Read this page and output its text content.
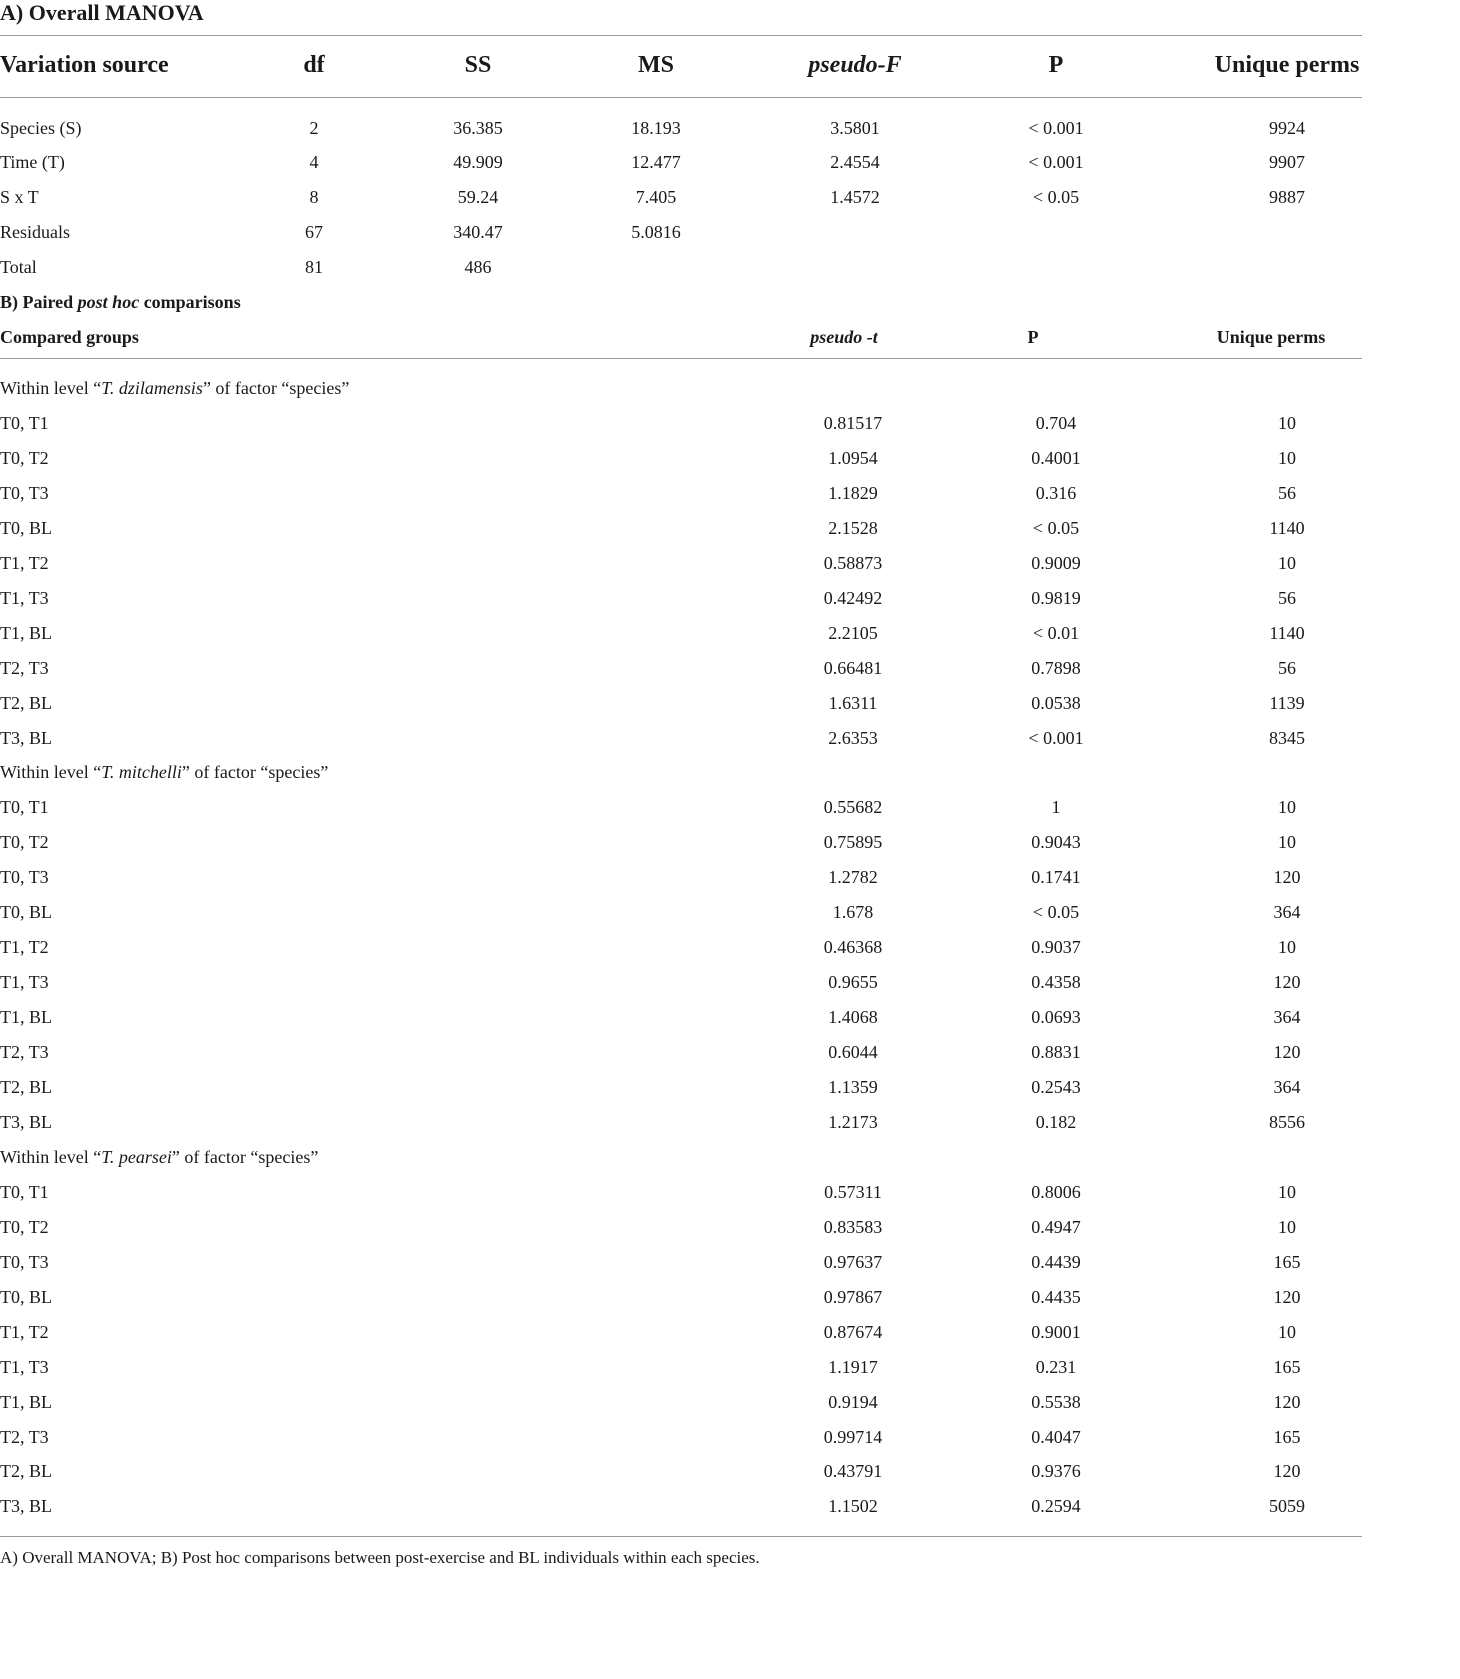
A) Overall MANOVA
Variation source	df	SS	MS	pseudo-F	P	Unique perms
Species (S)	2	36.385	18.193	3.5801	< 0.001	9924
Time (T)	4	49.909	12.477	2.4554	< 0.001	9907
S x T	8	59.24	7.405	1.4572	< 0.05	9887
Residuals	67	340.47	5.0816
Total	81	486
B) Paired post hoc comparisons
Compared groups	pseudo -t	P	Unique perms
Within level “T. dzilamensis” of factor “species”
T0, T1	0.81517	0.704	10
T0, T2	1.0954	0.4001	10
T0, T3	1.1829	0.316	56
T0, BL	2.1528	< 0.05	1140
T1, T2	0.58873	0.9009	10
T1, T3	0.42492	0.9819	56
T1, BL	2.2105	< 0.01	1140
T2, T3	0.66481	0.7898	56
T2, BL	1.6311	0.0538	1139
T3, BL	2.6353	< 0.001	8345
Within level “T. mitchelli” of factor “species”
T0, T1	0.55682	1	10
T0, T2	0.75895	0.9043	10
T0, T3	1.2782	0.1741	120
T0, BL	1.678	< 0.05	364
T1, T2	0.46368	0.9037	10
T1, T3	0.9655	0.4358	120
T1, BL	1.4068	0.0693	364
T2, T3	0.6044	0.8831	120
T2, BL	1.1359	0.2543	364
T3, BL	1.2173	0.182	8556
Within level “T. pearsei” of factor “species”
T0, T1	0.57311	0.8006	10
T0, T2	0.83583	0.4947	10
T0, T3	0.97637	0.4439	165
T0, BL	0.97867	0.4435	120
T1, T2	0.87674	0.9001	10
T1, T3	1.1917	0.231	165
T1, BL	0.9194	0.5538	120
T2, T3	0.99714	0.4047	165
T2, BL	0.43791	0.9376	120
T3, BL	1.1502	0.2594	5059
A) Overall MANOVA; B) Post hoc comparisons between post-exercise and BL individuals within each species.
